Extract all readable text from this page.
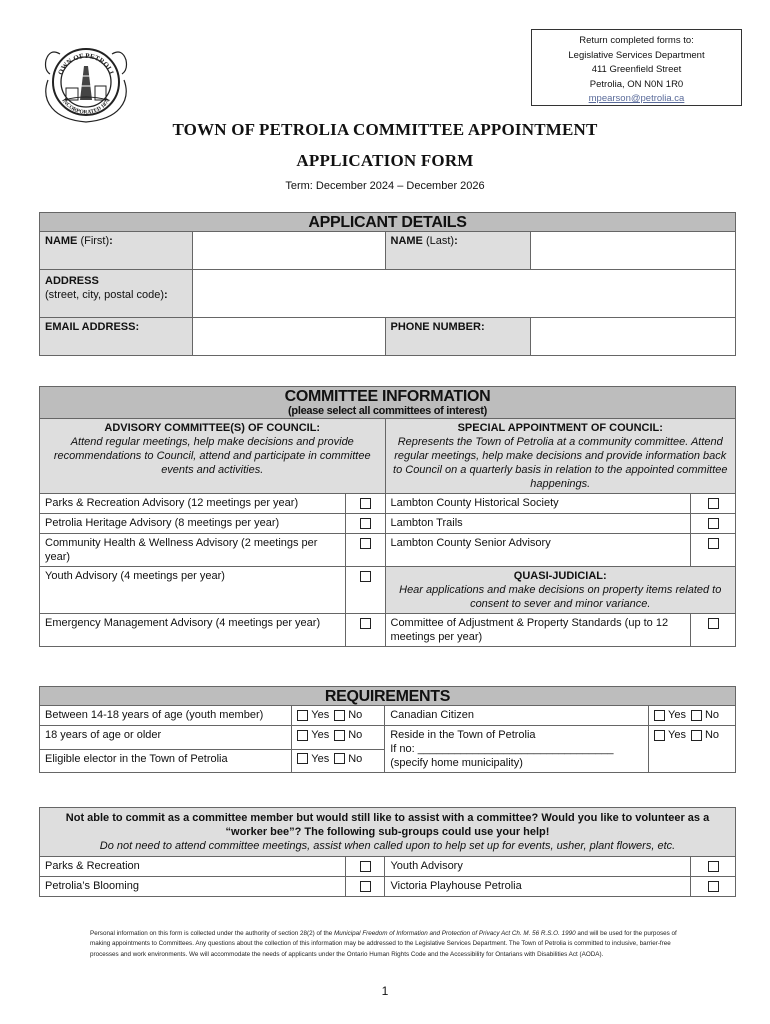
OWN OF PETROLI
INCORPORATED 1874
Return completed forms to:
Legislative Services Department
411 Greenfield Street
Petrolia, ON N0N 1R0
mpearson@petrolia.ca
TOWN OF PETROLIA COMMITTEE APPOINTMENT
APPLICATION FORM
Term: December 2024 – December 2026
APPLICANT DETAILS			
NAME (First):		NAME (Last):	
ADDRESS
(street, city, postal code):			
EMAIL ADDRESS:		PHONE NUMBER:	
COMMITTEE INFORMATION
(please select all committees of interest)			

ADVISORY COMMITTEE(S) OF COUNCIL:
Attend regular meetings, help make decisions and provide recommendations to Council, attend and participate in committee events and activities.		SPECIAL APPOINTMENT OF COUNCIL:
Represents the Town of Petrolia at a community committee. Attend regular meetings, help make decisions and provide information back to Council on a quarterly basis in relation to the appointed committee happenings.	
Parks & Recreation Advisory (12 meetings per year)		Lambton County Historical Society	
Petrolia Heritage Advisory (8 meetings per year)		Lambton Trails	
Community Health & Wellness Advisory (2 meetings per year)		Lambton County Senior Advisory	
Youth Advisory (4 meetings per year)		QUASI-JUDICIAL:
Hear applications and make decisions on property items related to consent to sever and minor variance.	
Emergency Management Advisory (4 meetings per year)		Committee of Adjustment & Property Standards (up to 12 meetings per year)	
REQUIREMENTS			
Between 14-18 years of age (youth member)	Yes No	Canadian Citizen	Yes No
18 years of age or older	Yes No	Reside in the Town of Petrolia
If no: ________________________________
(specify home municipality)	Yes No
Eligible elector in the Town of Petrolia	Yes No		
Not able to commit as a committee member but would still like to assist with a committee? Would you like to volunteer as a “worker bee”? The following sub-groups could use your help!
Do not need to attend committee meetings, assist when called upon to help set up for events, usher, plant flowers, etc.			
Parks & Recreation		Youth Advisory	
Petrolia’s Blooming		Victoria Playhouse Petrolia	
Personal information on this form is collected under the authority of section 28(2) of the Municipal Freedom of Information and Protection of Privacy Act Ch. M. 56 R.S.O. 1990 and will be used for the purposes of making appointments to Committees. Any questions about the collection of this information may be addressed to the Legislative Services Department. The Town of Petrolia is committed to inclusive, barrier-free processes and work environments. We will accommodate the needs of applicants under the Ontario Human Rights Code and the Accessibility for Ontarians with Disabilities Act (AODA).
1
